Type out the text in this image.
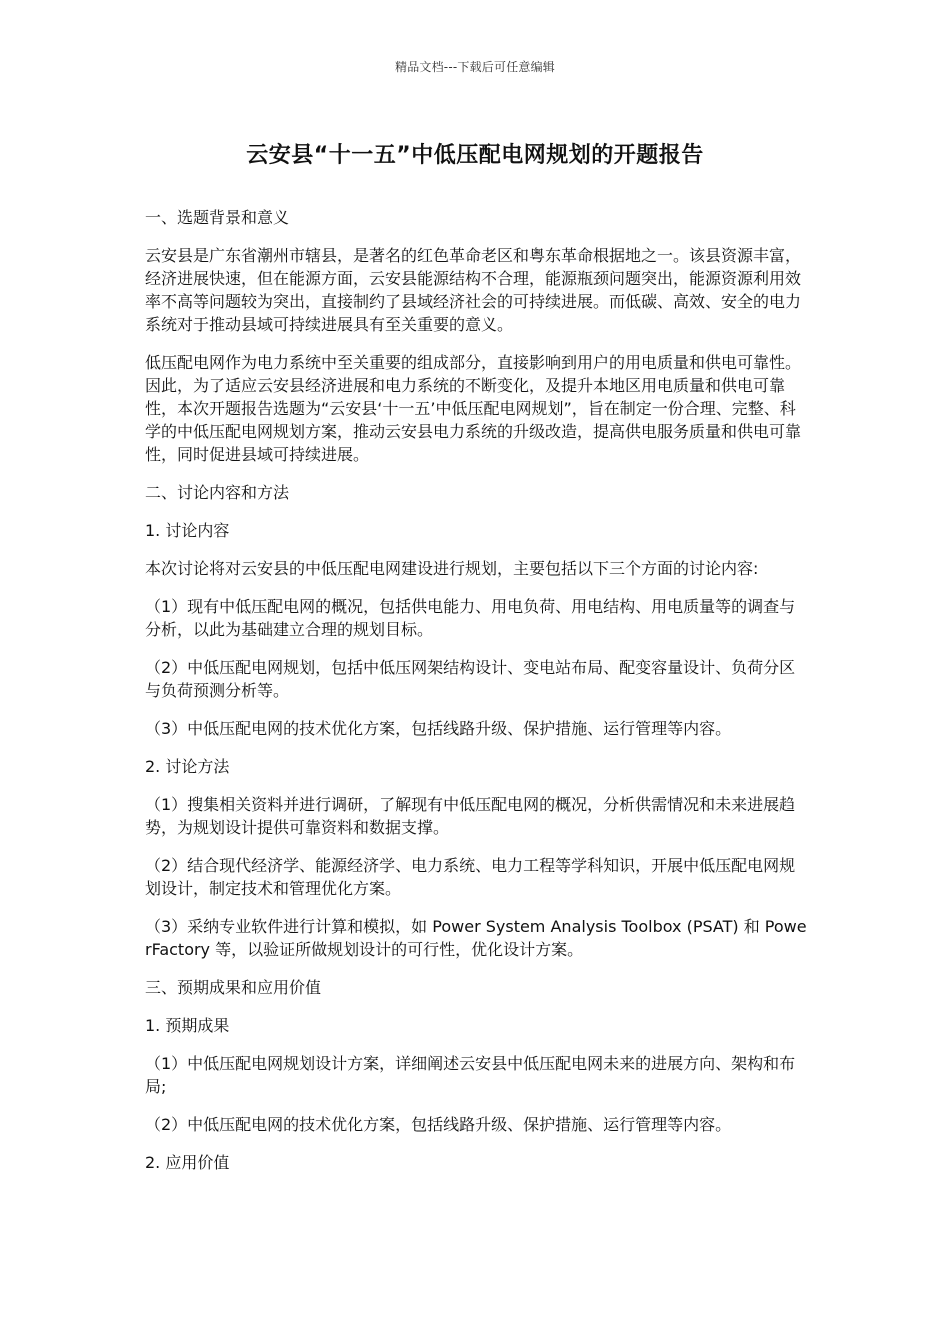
精品文档---下载后可任意编辑
云安县“十一五”中低压配电网规划的开题报告

一、选题背景和意义

云安县是广东省潮州市辖县，是著名的红色革命老区和粤东革命根据地之一。该县资源丰富，经济进展快速，但在能源方面，云安县能源结构不合理，能源瓶颈问题突出，能源资源利用效率不高等问题较为突出，直接制约了县域经济社会的可持续进展。而低碳、高效、安全的电力系统对于推动县域可持续进展具有至关重要的意义。

低压配电网作为电力系统中至关重要的组成部分，直接影响到用户的用电质量和供电可靠性。因此，为了适应云安县经济进展和电力系统的不断变化，及提升本地区用电质量和供电可靠性，本次开题报告选题为“云安县‘十一五’中低压配电网规划”，旨在制定一份合理、完整、科学的中低压配电网规划方案，推动云安县电力系统的升级改造，提高供电服务质量和供电可靠性，同时促进县域可持续进展。

二、讨论内容和方法

1. 讨论内容

本次讨论将对云安县的中低压配电网建设进行规划，主要包括以下三个方面的讨论内容:

（1）现有中低压配电网的概况，包括供电能力、用电负荷、用电结构、用电质量等的调查与分析，以此为基础建立合理的规划目标。

（2）中低压配电网规划，包括中低压网架结构设计、变电站布局、配变容量设计、负荷分区与负荷预测分析等。

（3）中低压配电网的技术优化方案，包括线路升级、保护措施、运行管理等内容。

2. 讨论方法

（1）搜集相关资料并进行调研，了解现有中低压配电网的概况，分析供需情况和未来进展趋势，为规划设计提供可靠资料和数据支撑。

（2）结合现代经济学、能源经济学、电力系统、电力工程等学科知识，开展中低压配电网规划设计，制定技术和管理优化方案。

（3）采纳专业软件进行计算和模拟，如 Power System Analysis Toolbox (PSAT) 和 PowerFactory 等，以验证所做规划设计的可行性，优化设计方案。

三、预期成果和应用价值

1. 预期成果

（1）中低压配电网规划设计方案，详细阐述云安县中低压配电网未来的进展方向、架构和布局;

（2）中低压配电网的技术优化方案，包括线路升级、保护措施、运行管理等内容。

2. 应用价值
